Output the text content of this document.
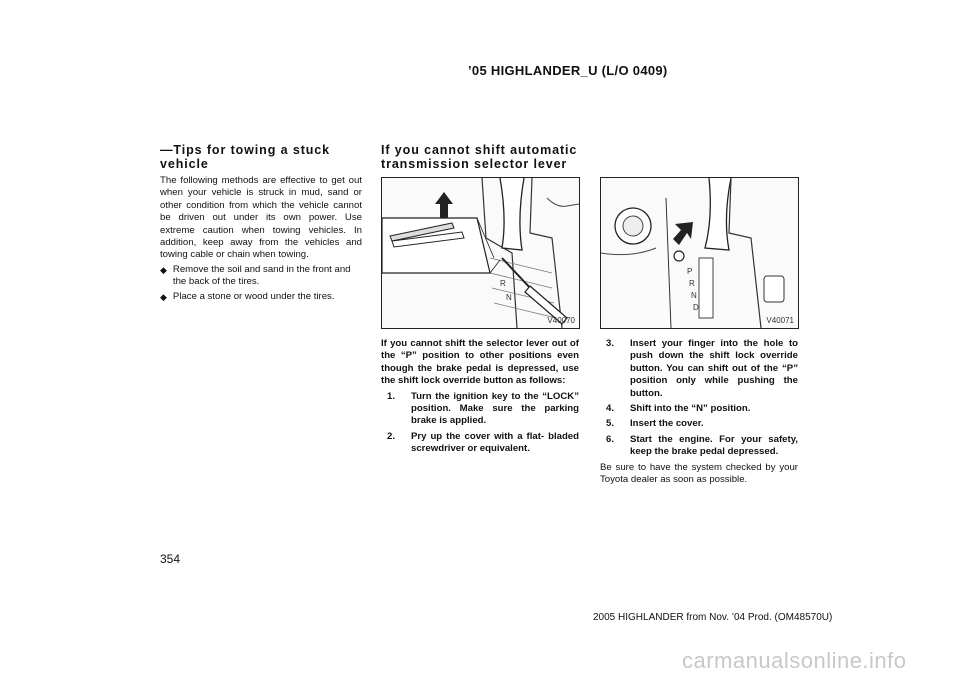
’05 HIGHLANDER_U (L/O 0409)
—Tips for towing a stuck vehicle
The following methods are effective to get out when your vehicle is struck in mud, sand or other condition from which the vehicle cannot be driven out under its own power. Use extreme caution when towing vehicles. In addition, keep away from the vehicles and towing cable or chain when towing.
◆ Remove the soil and sand in the front and the back of the tires.
◆ Place a stone or wood under the tires.
If you cannot shift automatic transmission selector lever
R
N
V40070
P
R
N
D
V40071
If you cannot shift the selector lever out of the “P” position to other positions even though the brake pedal is depressed, use the shift lock override button as follows:
1.	Turn the ignition key to the “LOCK” position. Make sure the parking brake is applied.
2.	Pry up the cover with a flat- bladed screwdriver or equivalent.
3.	Insert your finger into the hole to push down the shift lock override button. You can shift out of the “P” position only while pushing the button.
4.	Shift into the “N” position.
5.	Insert the cover.
6.	Start the engine. For your safety, keep the brake pedal depressed.
Be sure to have the system checked by your Toyota dealer as soon as possible.
354
2005 HIGHLANDER from Nov. ’04 Prod. (OM48570U)
carmanualsonline.info
